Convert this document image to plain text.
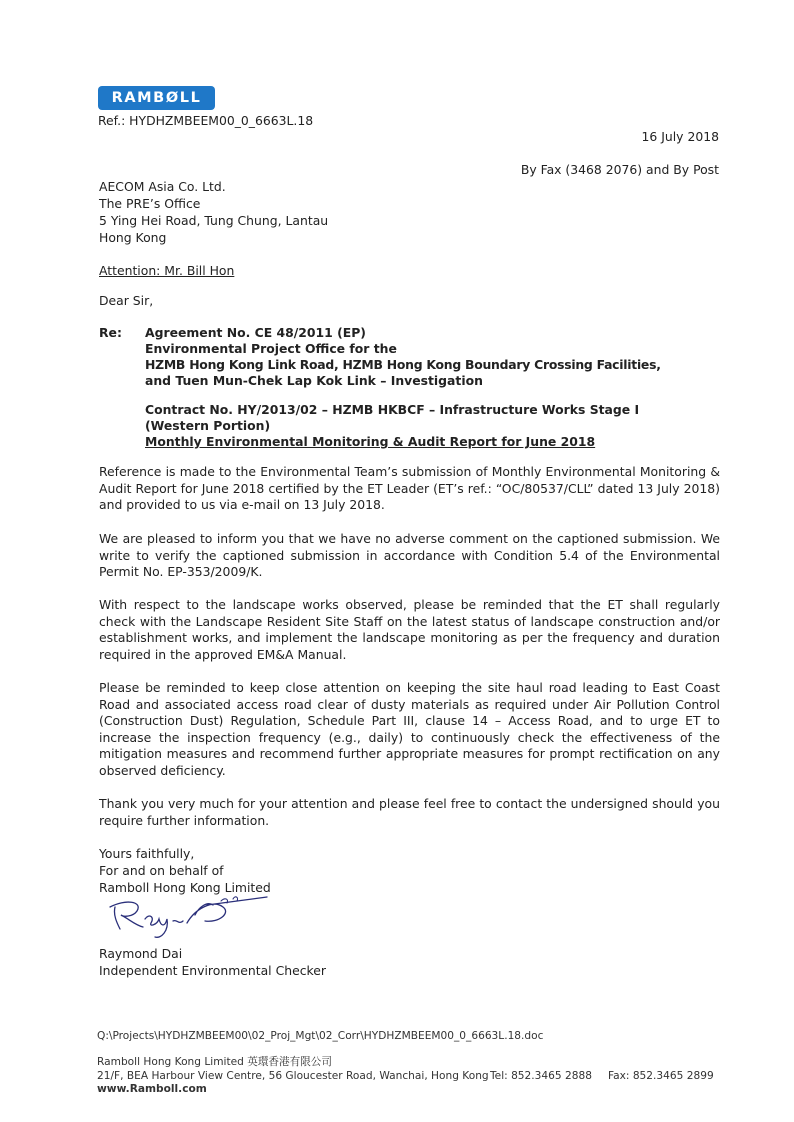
RAMBØLL
Ref.: HYDHZMBEEM00_0_6663L.18
16 July 2018
By Fax (3468 2076) and By Post
AECOM Asia Co. Ltd.
The PRE’s Office
5 Ying Hei Road, Tung Chung, Lantau
Hong Kong
Attention: Mr. Bill Hon
Dear Sir,
Re: Agreement No. CE 48/2011 (EP)
Environmental Project Office for the
HZMB Hong Kong Link Road, HZMB Hong Kong Boundary Crossing Facilities,
and Tuen Mun-Chek Lap Kok Link – Investigation
Contract No. HY/2013/02 – HZMB HKBCF – Infrastructure Works Stage I
(Western Portion)
Monthly Environmental Monitoring & Audit Report for June 2018
Reference is made to the Environmental Team’s submission of Monthly Environmental Monitoring & Audit Report for June 2018 certified by the ET Leader (ET’s ref.: “OC/80537/CLL” dated 13 July 2018) and provided to us via e-mail on 13 July 2018.
We are pleased to inform you that we have no adverse comment on the captioned submission. We write to verify the captioned submission in accordance with Condition 5.4 of the Environmental Permit No. EP-353/2009/K.
With respect to the landscape works observed, please be reminded that the ET shall regularly check with the Landscape Resident Site Staff on the latest status of landscape construction and/or establishment works, and implement the landscape monitoring as per the frequency and duration required in the approved EM&A Manual.
Please be reminded to keep close attention on keeping the site haul road leading to East Coast Road and associated access road clear of dusty materials as required under Air Pollution Control (Construction Dust) Regulation, Schedule Part III, clause 14 – Access Road, and to urge ET to increase the inspection frequency (e.g., daily) to continuously check the effectiveness of the mitigation measures and recommend further appropriate measures for prompt rectification on any observed deficiency.
Thank you very much for your attention and please feel free to contact the undersigned should you require further information.
Yours faithfully,
For and on behalf of
Ramboll Hong Kong Limited
Raymond Dai
Independent Environmental Checker
Q:\Projects\HYDHZMBEEM00\02_Proj_Mgt\02_Corr\HYDHZMBEEM00_0_6663L.18.doc
Ramboll Hong Kong Limited 英環香港有限公司
21/F, BEA Harbour View Centre, 56 Gloucester Road, Wanchai, Hong Kong Tel: 852.3465 2888 Fax: 852.3465 2899
www.Ramboll.com
